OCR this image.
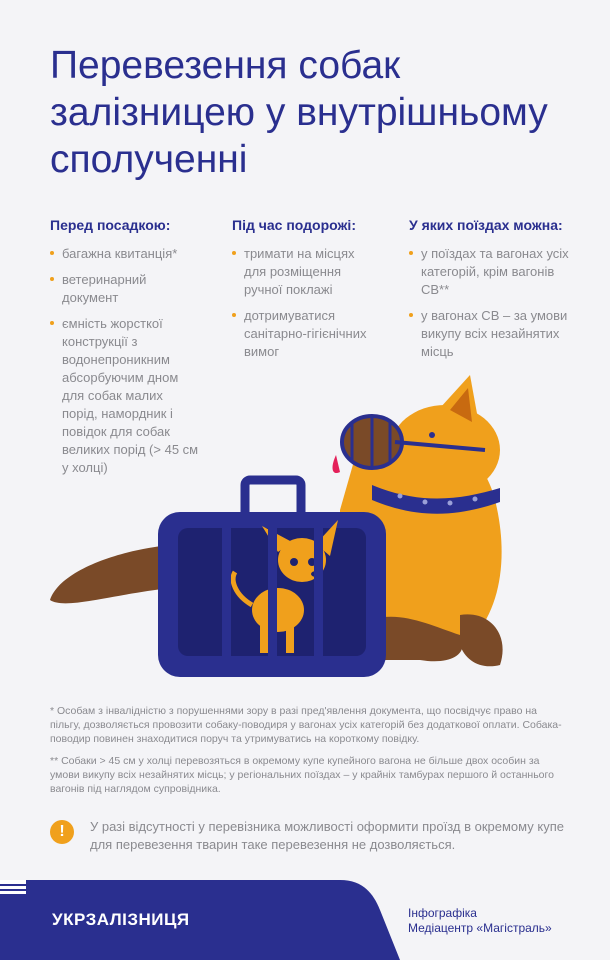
Перевезення собак
залізницею у внутрішньому
сполученні
Перед посадкою:
багажна квитанція*
ветеринарний документ
ємність жорсткої конструкції з водонепроникним абсорбуючим дном для собак малих порід, намордник і повідок для собак великих порід (> 45 см у холці)
Під час подорожі:
тримати на місцях для розміщення ручної поклажі
дотримуватися санітарно-гігієнічних вимог
У яких поїздах можна:
у поїздах та вагонах усіх категорій, крім вагонів СВ**
у вагонах СВ – за умови викупу всіх незайнятих місць

* Особам з інвалідністю з порушеннями зору в разі пред'явлення документа, що посвідчує право на пільгу, дозволяється провозити собаку-поводиря у вагонах усіх категорій без додаткової оплати. Собака-поводир повинен знаходитися поруч та утримуватись на короткому повідку.

** Собаки > 45 см у холці перевозяться в окремому купе купейного вагона не більше двох особин за умови викупу всіх незайнятих місць; у регіональних поїздах – у крайніх тамбурах першого й останнього вагонів під наглядом супровідника.

!	У разі відсутності у перевізника можливості оформити проїзд в окремому купе для перевезення тварин таке перевезення не дозволяється.
УКРЗАЛІЗНИЦЯ	Інфографіка
Медіацентр «Магістраль»
